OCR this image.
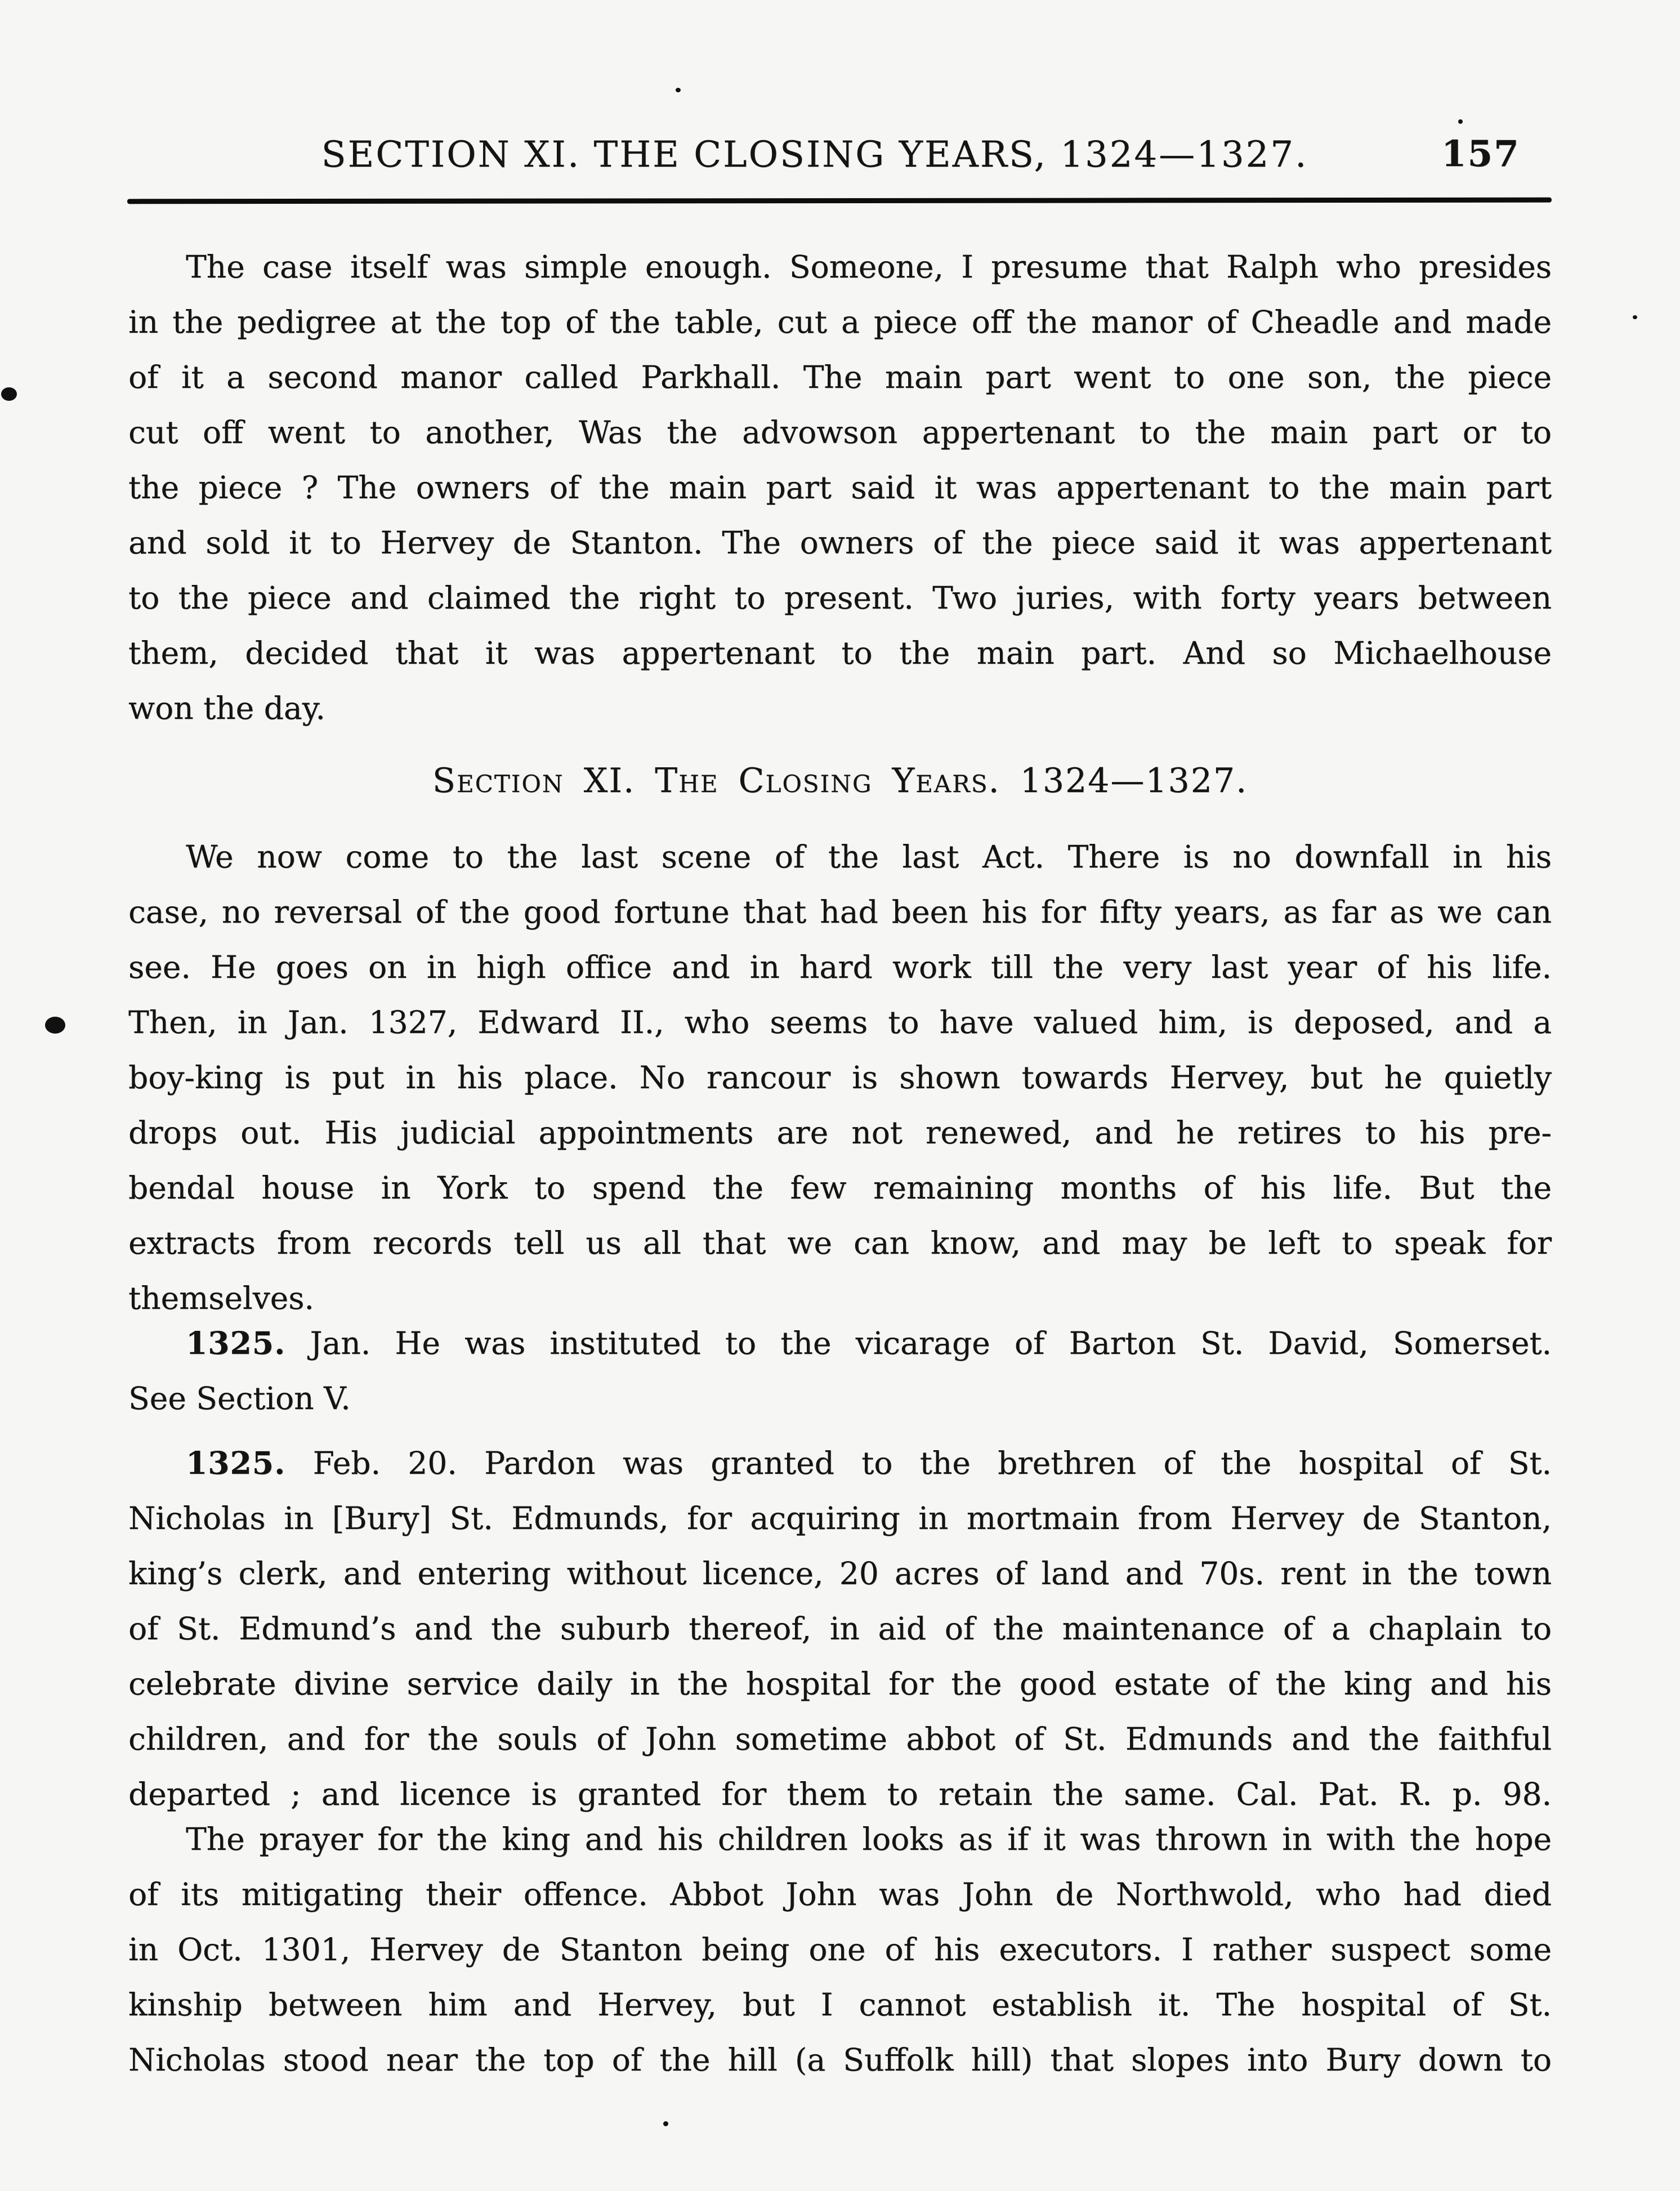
SECTION XI. THE CLOSING YEARS, 1324—1327.	157
Section XI. The Closing Years. 1324—1327.
The case itself was simple enough. Someone, I presume that Ralph who presides
in the pedigree at the top of the table, cut a piece off the manor of Cheadle and made
of it a second manor called Parkhall. The main part went to one son, the piece
cut off went to another, Was the advowson appertenant to the main part or to
the piece ? The owners of the main part said it was appertenant to the main part
and sold it to Hervey de Stanton. The owners of the piece said it was appertenant
to the piece and claimed the right to present. Two juries, with forty years between
them, decided that it was appertenant to the main part. And so Michaelhouse
won the day.
We now come to the last scene of the last Act. There is no downfall in his
case, no reversal of the good fortune that had been his for fifty years, as far as we can
see. He goes on in high office and in hard work till the very last year of his life.
Then, in Jan. 1327, Edward II., who seems to have valued him, is deposed, and a
boy-king is put in his place. No rancour is shown towards Hervey, but he quietly
drops out. His judicial appointments are not renewed, and he retires to his pre-
bendal house in York to spend the few remaining months of his life. But the
extracts from records tell us all that we can know, and may be left to speak for
themselves.
1325. Jan. He was instituted to the vicarage of Barton St. David, Somerset.
See Section V.
1325. Feb. 20. Pardon was granted to the brethren of the hospital of St.
Nicholas in [Bury] St. Edmunds, for acquiring in mortmain from Hervey de Stanton,
king’s clerk, and entering without licence, 20 acres of land and 70s. rent in the town
of St. Edmund’s and the suburb thereof, in aid of the maintenance of a chaplain to
celebrate divine service daily in the hospital for the good estate of the king and his
children, and for the souls of John sometime abbot of St. Edmunds and the faithful
departed ; and licence is granted for them to retain the same. Cal. Pat. R. p. 98.
The prayer for the king and his children looks as if it was thrown in with the hope
of its mitigating their offence. Abbot John was John de Northwold, who had died
in Oct. 1301, Hervey de Stanton being one of his executors. I rather suspect some
kinship between him and Hervey, but I cannot establish it. The hospital of St.
Nicholas stood near the top of the hill (a Suffolk hill) that slopes into Bury down to
